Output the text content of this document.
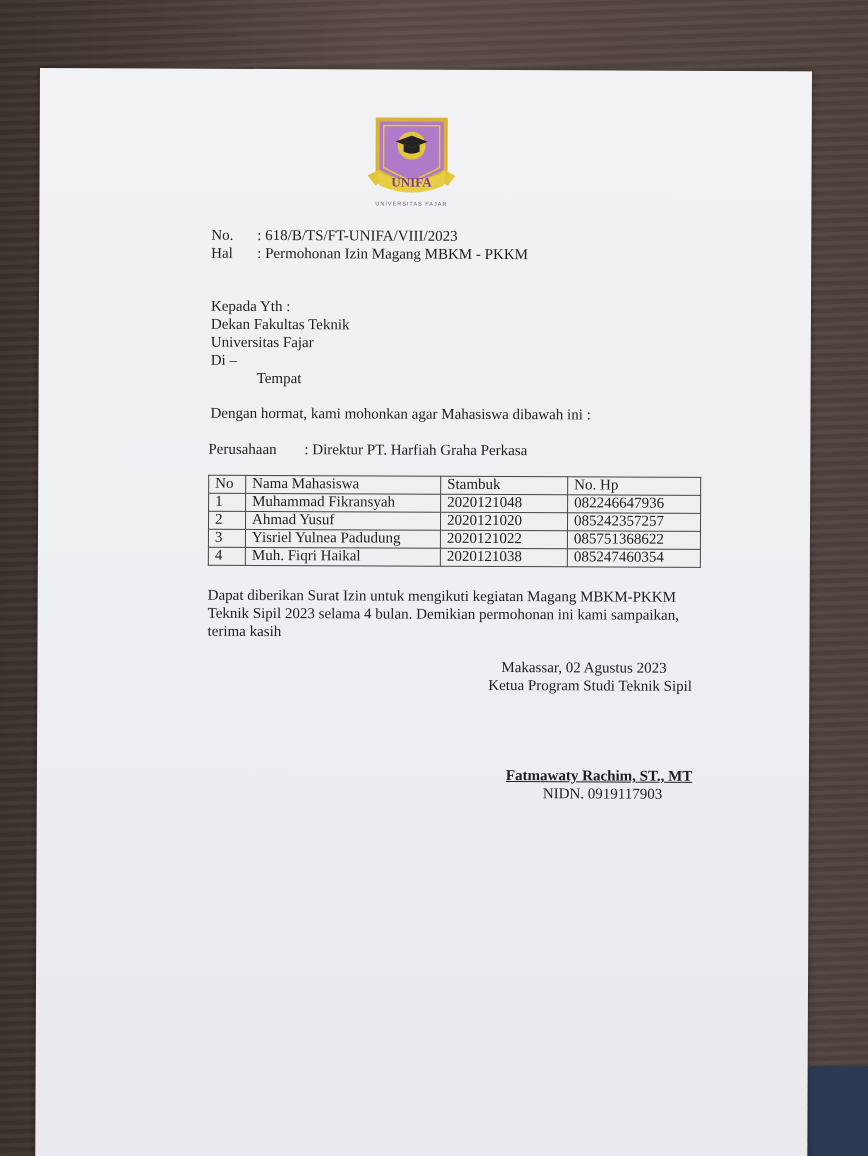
UNIFA
UNIVERSITAS FAJAR
No. : 618/B/TS/FT-UNIFA/VIII/2023
Hal : Permohonan Izin Magang MBKM - PKKM
Kepada Yth :
Dekan Fakultas Teknik
Universitas Fajar
Di –
Tempat
Dengan hormat, kami mohonkan agar Mahasiswa dibawah ini :
Perusahaan : Direktur PT. Harfiah Graha Perkasa
No	Nama Mahasiswa	Stambuk	No. Hp
1	Muhammad Fikransyah	2020121048	082246647936
2	Ahmad Yusuf	2020121020	085242357257
3	Yisriel Yulnea Padudung	2020121022	085751368622
4	Muh. Fiqri Haikal	2020121038	085247460354
Dapat diberikan Surat Izin untuk mengikuti kegiatan Magang MBKM-PKKM
Teknik Sipil 2023 selama 4 bulan. Demikian permohonan ini kami sampaikan,
terima kasih
Makassar, 02 Agustus 2023
Ketua Program Studi Teknik Sipil
Fatmawaty Rachim, ST., MT
NIDN. 0919117903
